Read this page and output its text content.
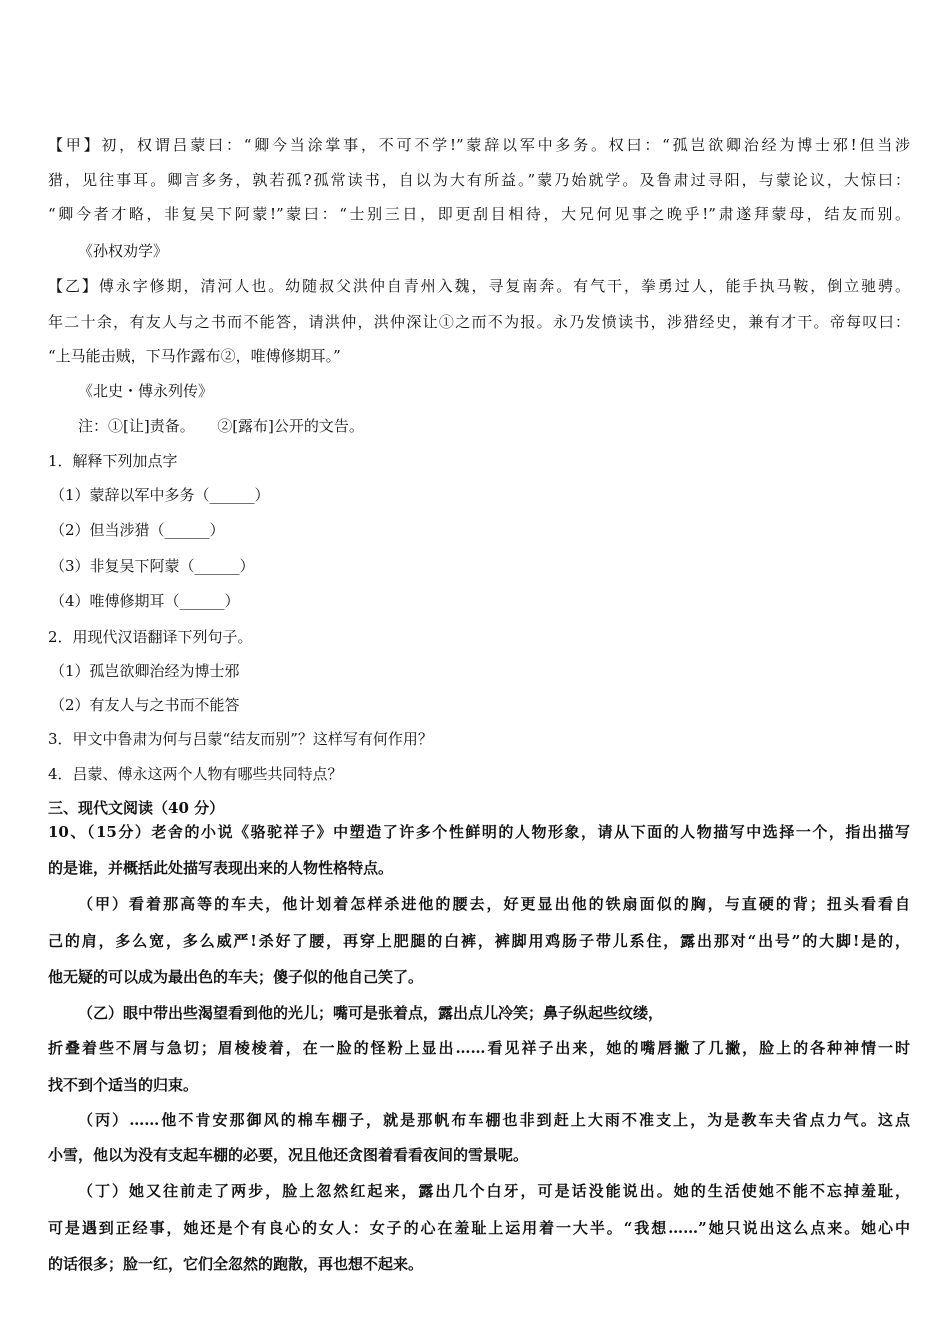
【甲】初，权谓吕蒙曰：“卿今当涂掌事，不可不学!”蒙辞以军中多务。权曰：“孤岂欲卿治经为博士邪!但当涉
猎，见往事耳。卿言多务，孰若孤?孤常读书，自以为大有所益。”蒙乃始就学。及鲁肃过寻阳，与蒙论议，大惊曰：
“卿今者才略，非复吴下阿蒙!”蒙曰：“士别三日，即更刮目相待，大兄何见事之晚乎!”肃遂拜蒙母，结友而别。
《孙权劝学》
【乙】傅永字修期，清河人也。幼随叔父洪仲自青州入魏，寻复南奔。有气干，拳勇过人，能手执马鞍，倒立驰骋。
年二十余，有友人与之书而不能答，请洪仲，洪仲深让①之而不为报。永乃发愤读书，涉猎经史，兼有才干。帝每叹曰：
“上马能击贼，下马作露布②，唯傅修期耳。”
《北史・傅永列传》
注：①[让]责备。　　②[露布]公开的文告。
1．解释下列加点字
（1）蒙辞以军中多务（______）
（2）但当涉猎（______）
（3）非复吴下阿蒙（______）
（4）唯傅修期耳（______）
2．用现代汉语翻译下列句子。
（1）孤岂欲卿治经为博士邪
（2）有友人与之书而不能答
3．甲文中鲁肃为何与吕蒙“结友而别”？这样写有何作用？
4．吕蒙、傅永这两个人物有哪些共同特点？
三、现代文阅读（40 分）
10、（15分）老舍的小说《骆驼祥子》中塑造了许多个性鲜明的人物形象，请从下面的人物描写中选择一个，指出描写
的是谁，并概括此处描写表现出来的人物性格特点。
（甲）看着那高等的车夫，他计划着怎样杀进他的腰去，好更显出他的铁扇面似的胸，与直硬的背；扭头看看自
己的肩，多么宽，多么威严!杀好了腰，再穿上肥腿的白裤，裤脚用鸡肠子带儿系住，露出那对“出号”的大脚!是的，
他无疑的可以成为最出色的车夫；傻子似的他自己笑了。
（乙）眼中带出些渴望看到他的光儿；嘴可是张着点，露出点儿冷笑；鼻子纵起些纹缕，
折叠着些不屑与急切；眉棱棱着，在一脸的怪粉上显出……看见祥子出来，她的嘴唇撇了几撇，脸上的各种神情一时
找不到个适当的归束。
（丙）……他不肯安那御风的棉车棚子，就是那帆布车棚也非到赶上大雨不准支上，为是教车夫省点力气。这点
小雪，他以为没有支起车棚的必要，况且他还贪图着看看夜间的雪景呢。
（丁）她又往前走了两步，脸上忽然红起来，露出几个白牙，可是话没能说出。她的生活使她不能不忘掉羞耻，
可是遇到正经事，她还是个有良心的女人：女子的心在羞耻上运用着一大半。“我想……”她只说出这么点来。她心中
的话很多；脸一红，它们全忽然的跑散，再也想不起来。
